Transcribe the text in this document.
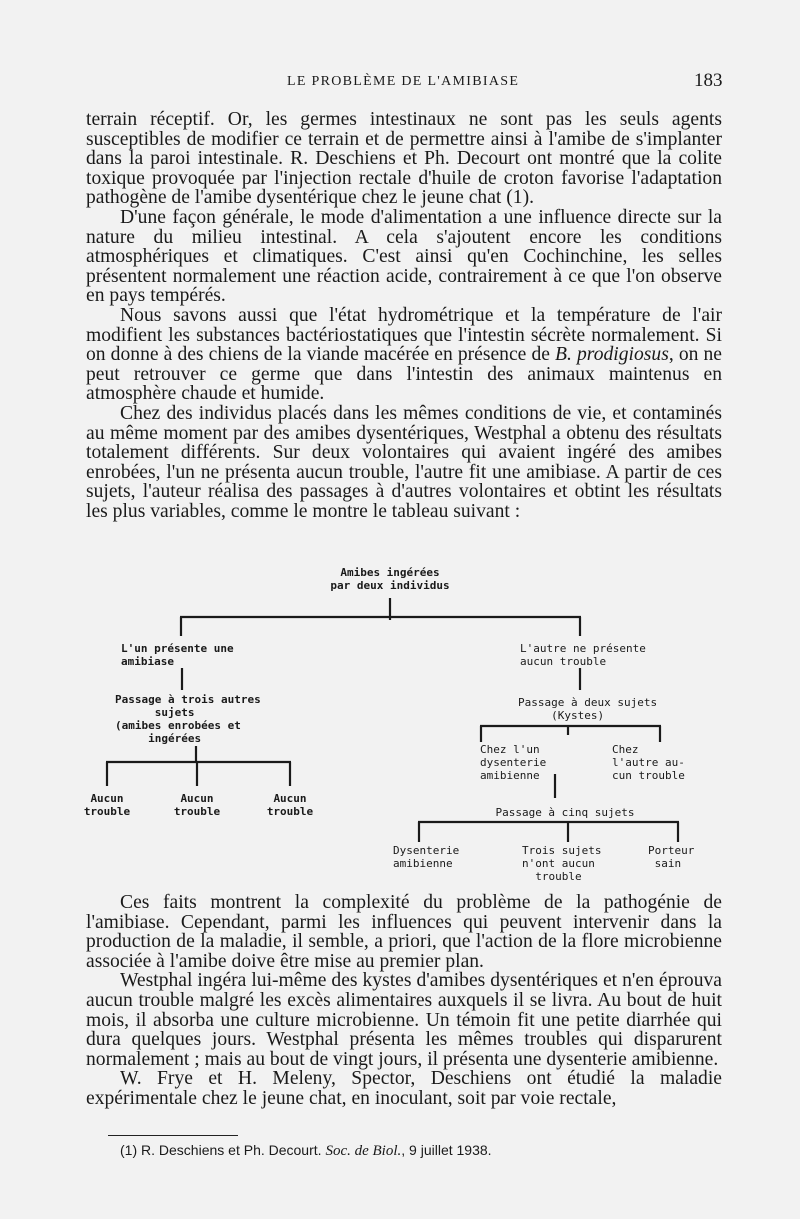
LE PROBLÈME DE L'AMIBIASE	183

terrain réceptif. Or, les germes intestinaux ne sont pas les seuls agents susceptibles de modifier ce terrain et de permettre ainsi à l'amibe de s'implanter dans la paroi intestinale. R. Deschiens et Ph. Decourt ont montré que la colite toxique provoquée par l'injection rectale d'huile de croton favorise l'adaptation pathogène de l'amibe dysentérique chez le jeune chat (1).

D'une façon générale, le mode d'alimentation a une influence directe sur la nature du milieu intestinal. A cela s'ajoutent encore les conditions atmosphériques et climatiques. C'est ainsi qu'en Cochinchine, les selles présentent normalement une réaction acide, contrairement à ce que l'on observe en pays tempérés.

Nous savons aussi que l'état hydrométrique et la température de l'air modifient les substances bactériostatiques que l'intestin sécrète normalement. Si on donne à des chiens de la viande macérée en présence de B. prodigiosus, on ne peut retrouver ce germe que dans l'intestin des animaux maintenus en atmosphère chaude et humide.

Chez des individus placés dans les mêmes conditions de vie, et contaminés au même moment par des amibes dysentériques, Westphal a obtenu des résultats totalement différents. Sur deux volontaires qui avaient ingéré des amibes enrobées, l'un ne présenta aucun trouble, l'autre fit une amibiase. A partir de ces sujets, l'auteur réalisa des passages à d'autres volontaires et obtint les résultats les plus variables, comme le montre le tableau suivant :

Amibes ingérées
par deux individus
L'un présente une
amibiase
Passage à trois autres
sujets
(amibes enrobées et
ingérées
Aucun
trouble
Aucun
trouble
Aucun
trouble
L'autre ne présente
aucun trouble
Passage à deux sujets
(Kystes)
Chez l'un
dysenterie
amibienne
Chez
l'autre au-
cun trouble
Passage à cinq sujets
Dysenterie
amibienne
Trois sujets
n'ont aucun
trouble
Porteur
sain

Ces faits montrent la complexité du problème de la pathogénie de l'amibiase. Cependant, parmi les influences qui peuvent intervenir dans la production de la maladie, il semble, a priori, que l'action de la flore microbienne associée à l'amibe doive être mise au premier plan.

Westphal ingéra lui-même des kystes d'amibes dysentériques et n'en éprouva aucun trouble malgré les excès alimentaires auxquels il se livra. Au bout de huit mois, il absorba une culture microbienne. Un témoin fit une petite diarrhée qui dura quelques jours. Westphal présenta les mêmes troubles qui disparurent normalement ; mais au bout de vingt jours, il présenta une dysenterie amibienne.

W. Frye et H. Meleny, Spector, Deschiens ont étudié la maladie expérimentale chez le jeune chat, en inoculant, soit par voie rectale,

(1) R. Deschiens et Ph. Decourt. Soc. de Biol., 9 juillet 1938.
